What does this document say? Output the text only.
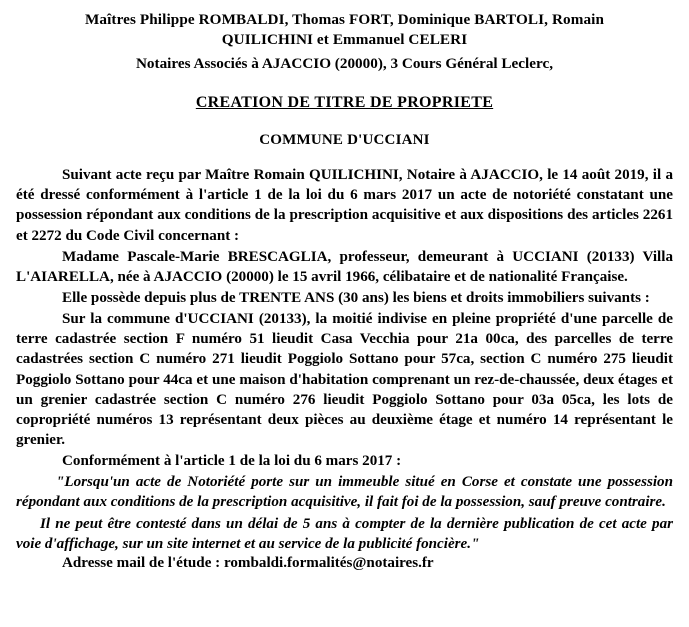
Maîtres Philippe ROMBALDI, Thomas FORT, Dominique BARTOLI, Romain
QUILICHINI et Emmanuel CELERI
Notaires Associés à AJACCIO (20000), 3 Cours Général Leclerc,
CREATION DE TITRE DE PROPRIETE
COMMUNE D'UCCIANI

Suivant acte reçu par Maître Romain QUILICHINI, Notaire à AJACCIO, le 14 août 2019, il a été dressé conformément à l'article 1 de la loi du 6 mars 2017 un acte de notoriété constatant une possession répondant aux conditions de la prescription acquisitive et aux dispositions des articles 2261 et 2272 du Code Civil concernant :

Madame Pascale-Marie BRESCAGLIA, professeur, demeurant à UCCIANI (20133) Villa L'AIARELLA, née à AJACCIO (20000) le 15 avril 1966, célibataire et de nationalité Française.

Elle possède depuis plus de TRENTE ANS (30 ans) les biens et droits immobiliers suivants :

Sur la commune d'UCCIANI (20133), la moitié indivise en pleine propriété d'une parcelle de terre cadastrée section F numéro 51 lieudit Casa Vecchia pour 21a 00ca, des parcelles de terre cadastrées section C numéro 271 lieudit Poggiolo Sottano pour 57ca, section C numéro 275 lieudit Poggiolo Sottano pour 44ca et une maison d'habitation comprenant un rez-de-chaussée, deux étages et un grenier cadastrée section C numéro 276 lieudit Poggiolo Sottano pour 03a 05ca, les lots de copropriété numéros 13 représentant deux pièces au deuxième étage et numéro 14 représentant le grenier.

Conformément à l'article 1 de la loi du 6 mars 2017 :

"Lorsqu'un acte de Notoriété porte sur un immeuble situé en Corse et constate une possession répondant aux conditions de la prescription acquisitive, il fait foi de la possession, sauf preuve contraire.

Il ne peut être contesté dans un délai de 5 ans à compter de la dernière publication de cet acte par voie d'affichage, sur un site internet et au service de la publicité foncière."

Adresse mail de l'étude : rombaldi.formalités@notaires.fr
